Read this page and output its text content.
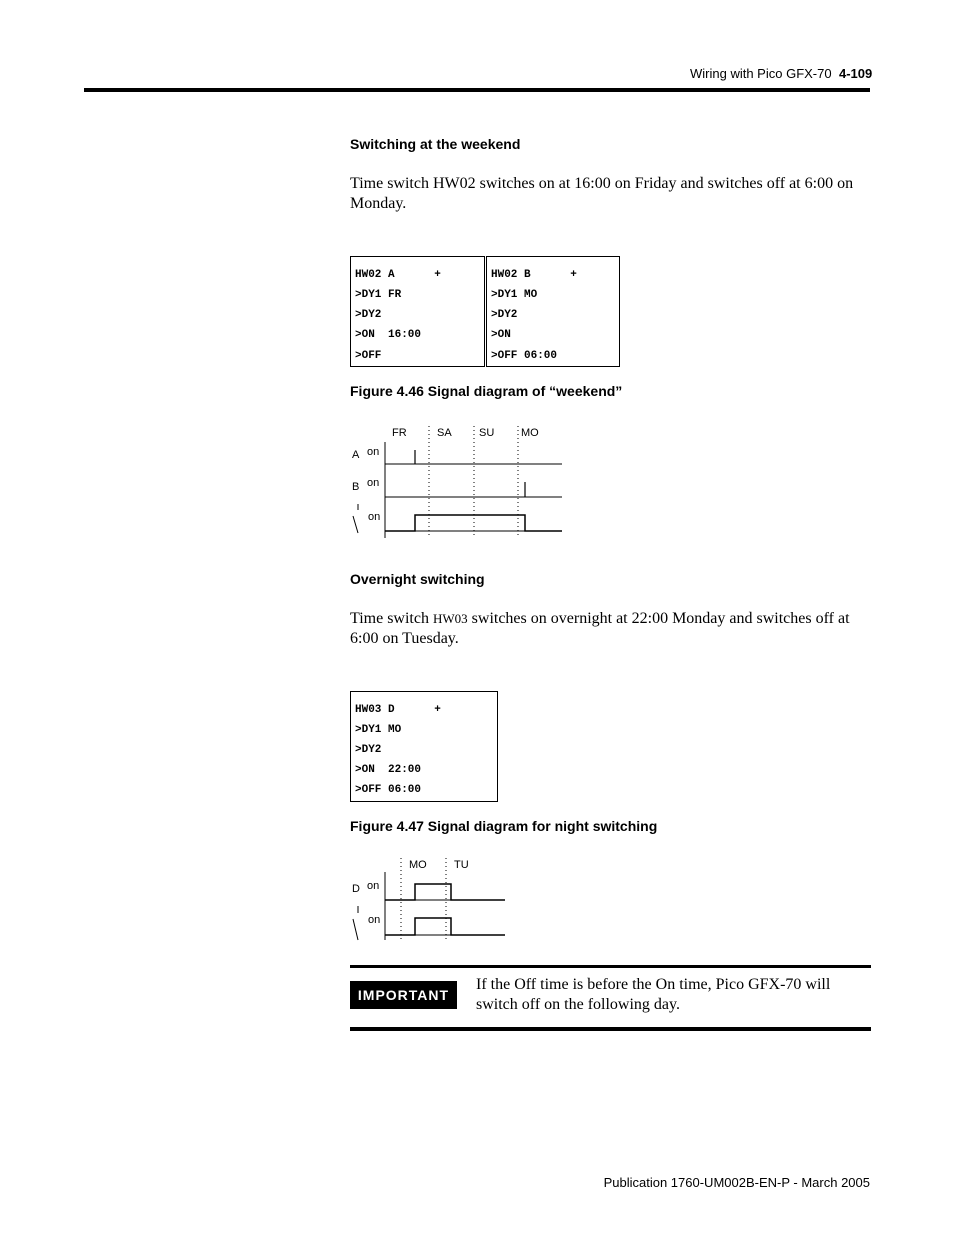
Wiring with Pico GFX-70 4-109
Switching at the weekend
Time switch HW02 switches on at 16:00 on Friday and switches off at 6:00 on Monday.
HW02 A      +
>DY1 FR
>DY2
>ON  16:00
>OFF
HW02 B      +
>DY1 MO
>DY2
>ON
>OFF 06:00
Figure 4.46 Signal diagram of “weekend”
FR	SA SU MO
A on
B on
on
Overnight switching
Time switch HW03 switches on overnight at 22:00 Monday and switches off at 6:00 on Tuesday.
HW03 D      +
>DY1 MO
>DY2
>ON  22:00
>OFF 06:00
Figure 4.47 Signal diagram for night switching
MO TU
D on
on
IMPORTANT
If the Off time is before the On time, Pico GFX-70 will switch off on the following day.
Publication 1760-UM002B-EN-P - March 2005
